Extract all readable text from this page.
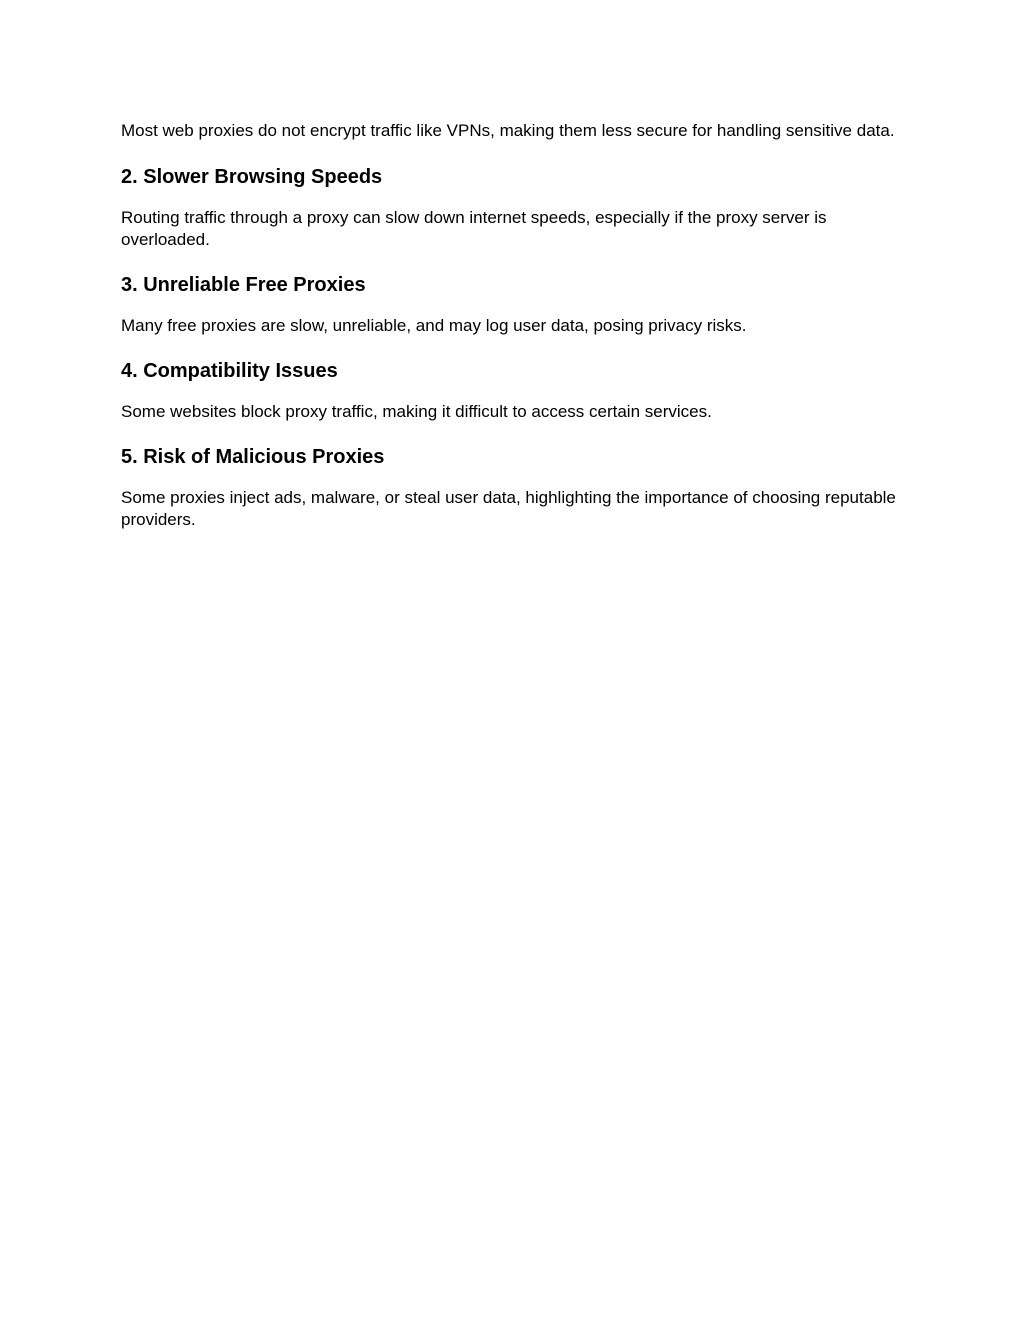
Most web proxies do not encrypt traffic like VPNs, making them less secure for handling sensitive data.

2. Slower Browsing Speeds

Routing traffic through a proxy can slow down internet speeds, especially if the proxy server is overloaded.

3. Unreliable Free Proxies

Many free proxies are slow, unreliable, and may log user data, posing privacy risks.

4. Compatibility Issues

Some websites block proxy traffic, making it difficult to access certain services.

5. Risk of Malicious Proxies

Some proxies inject ads, malware, or steal user data, highlighting the importance of choosing reputable providers.
